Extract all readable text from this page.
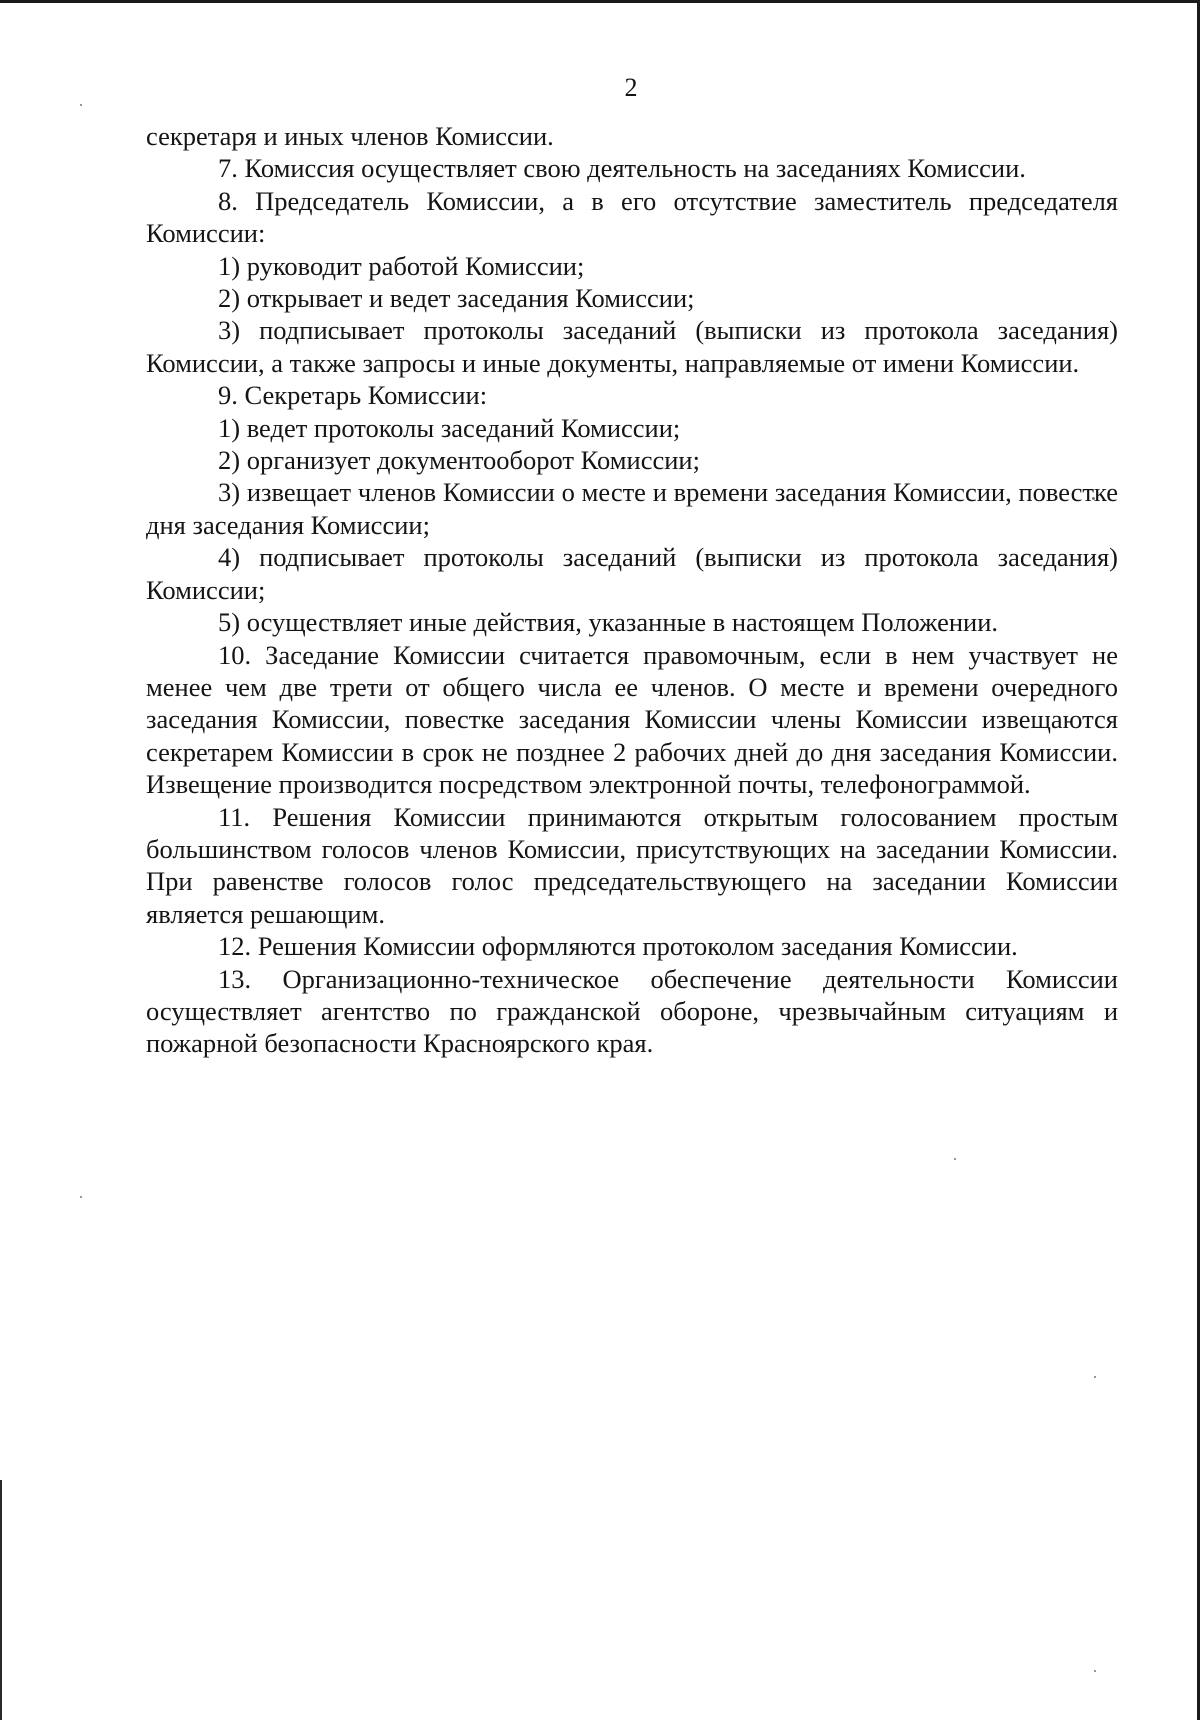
2

секретаря и иных членов Комиссии.

7. Комиссия осуществляет свою деятельность на заседаниях Комиссии.

8. Председатель Комиссии, а в его отсутствие заместитель председателя Комиссии:

1) руководит работой Комиссии;

2) открывает и ведет заседания Комиссии;

3) подписывает протоколы заседаний (выписки из протокола заседания) Комиссии, а также запросы и иные документы, направляемые от имени Комиссии.

9. Секретарь Комиссии:

1) ведет протоколы заседаний Комиссии;

2) организует документооборот Комиссии;

3) извещает членов Комиссии о месте и времени заседания Комиссии, повестке дня заседания Комиссии;

4) подписывает протоколы заседаний (выписки из протокола заседания) Комиссии;

5) осуществляет иные действия, указанные в настоящем Положении.

10. Заседание Комиссии считается правомочным, если в нем участвует не менее чем две трети от общего числа ее членов. О месте и времени очередного заседания Комиссии, повестке заседания Комиссии члены Комиссии извещаются секретарем Комиссии в срок не позднее 2 рабочих дней до дня заседания Комиссии. Извещение производится посредством электронной почты, телефонограммой.

11. Решения Комиссии принимаются открытым голосованием простым большинством голосов членов Комиссии, присутствующих на заседании Комиссии. При равенстве голосов голос председательствующего на заседании Комиссии является решающим.

12. Решения Комиссии оформляются протоколом заседания Комиссии.

13. Организационно-техническое обеспечение деятельности Комиссии осуществляет агентство по гражданской обороне, чрезвычайным ситуациям и пожарной безопасности Красноярского края.
